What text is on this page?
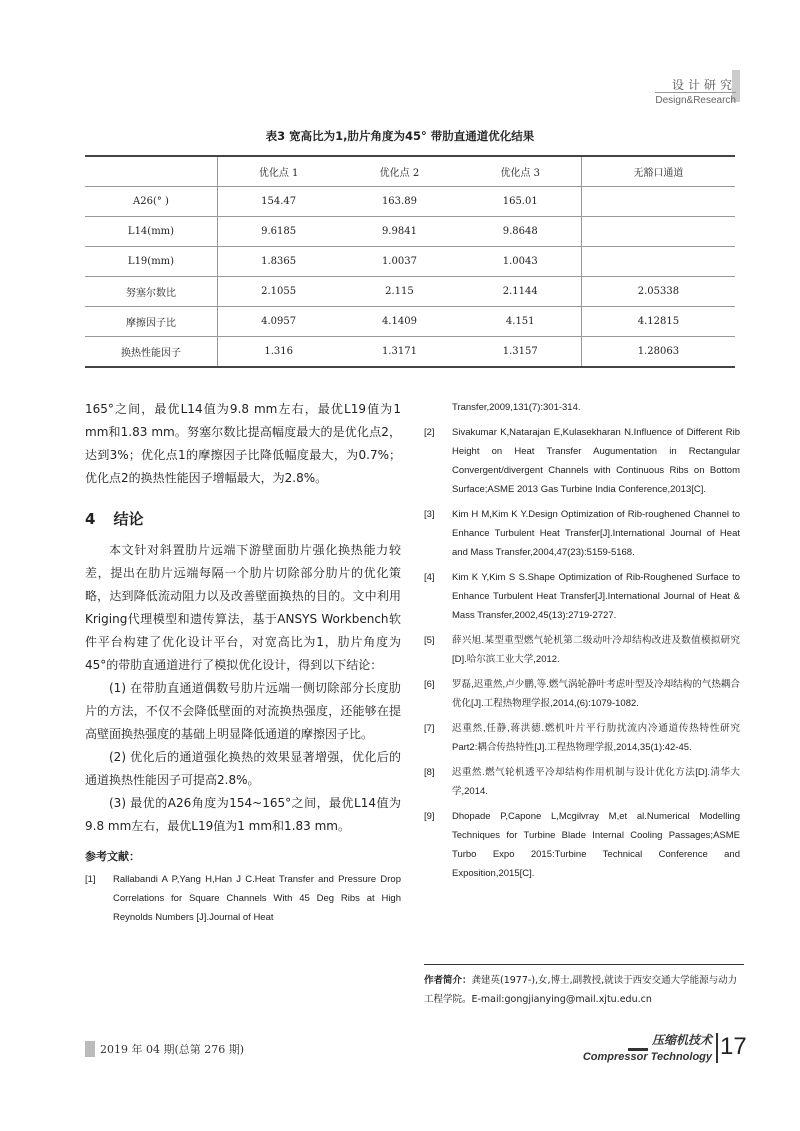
设计研究
Design&Research
表3 宽高比为1,肋片角度为45° 带肋直通道优化结果
	优化点 1	优化点 2	优化点 3	无豁口通道
A26(° )	154.47	163.89	165.01	
L14(mm)	9.6185	9.9841	9.8648	
L19(mm)	1.8365	1.0037	1.0043	
努塞尔数比	2.1055	2.115	2.1144	2.05338
摩擦因子比	4.0957	4.1409	4.151	4.12815
换热性能因子	1.316	1.3171	1.3157	1.28063

165°之间，最优L14值为9.8 mm左右，最优L19值为1 mm和1.83 mm。努塞尔数比提高幅度最大的是优化点2，达到3%；优化点1的摩擦因子比降低幅度最大，为0.7%；优化点2的换热性能因子增幅最大，为2.8%。

4 结论

本文针对斜置肋片远端下游壁面肋片强化换热能力较差，提出在肋片远端每隔一个肋片切除部分肋片的优化策略，达到降低流动阻力以及改善壁面换热的目的。文中利用Kriging代理模型和遗传算法，基于ANSYS Workbench软件平台构建了优化设计平台，对宽高比为1，肋片角度为45°的带肋直通道进行了模拟优化设计，得到以下结论：

(1) 在带肋直通道偶数号肋片远端一侧切除部分长度肋片的方法，不仅不会降低壁面的对流换热强度，还能够在提高壁面换热强度的基础上明显降低通道的摩擦因子比。

(2) 优化后的通道强化换热的效果显著增强，优化后的通道换热性能因子可提高2.8%。

(3) 最优的A26角度为154~165°之间，最优L14值为9.8 mm左右，最优L19值为1 mm和1.83 mm。

参考文献：
[1]	Rallabandi A P,Yang H,Han J C.Heat Transfer and Pressure Drop Correlations for Square Channels With 45 Deg Ribs at High Reynolds Numbers [J].Journal of Heat
Transfer,2009,131(7):301-314.
[2]	Sivakumar K,Natarajan E,Kulasekharan N.Influence of Different Rib Height on Heat Transfer Augumentation in Rectangular Convergent/divergent Channels with Continuous Ribs on Bottom Surface;ASME 2013 Gas Turbine India Conference,2013[C].
[3]	Kim H M,Kim K Y.Design Optimization of Rib-roughened Channel to Enhance Turbulent Heat Transfer[J].International Journal of Heat and Mass Transfer,2004,47(23):5159-5168.
[4]	Kim K Y,Kim S S.Shape Optimization of Rib-Roughened Surface to Enhance Turbulent Heat Transfer[J].International Journal of Heat & Mass Transfer,2002,45(13):2719-2727.
[5]	薛兴旭.某型重型燃气轮机第二级动叶冷却结构改进及数值模拟研究[D].哈尔滨工业大学,2012.
[6]	罗磊,迟重然,卢少鹏,等.燃气涡轮静叶考虑叶型及冷却结构的气热耦合优化[J].工程热物理学报,2014,(6):1079-1082.
[7]	迟重然,任静,蒋洪德.燃机叶片平行肋扰流内冷通道传热特性研究Part2:耦合传热特性[J].工程热物理学报,2014,35(1):42-45.
[8]	迟重然.燃气轮机透平冷却结构作用机制与设计优化方法[D].清华大学,2014.
[9]	Dhopade P,Capone L,Mcgilvray M,et al.Numerical Modelling Techniques for Turbine Blade Internal Cooling Passages;ASME Turbo Expo 2015:Turbine Technical Conference and Exposition,2015[C].
作者简介：龚建英(1977-),女,博士,副教授,就读于西安交通大学能源与动力工程学院。E-mail:gongjianying@mail.xjtu.edu.cn
2019 年 04 期(总第 276 期)
压缩机技术
Compressor Technology 17
